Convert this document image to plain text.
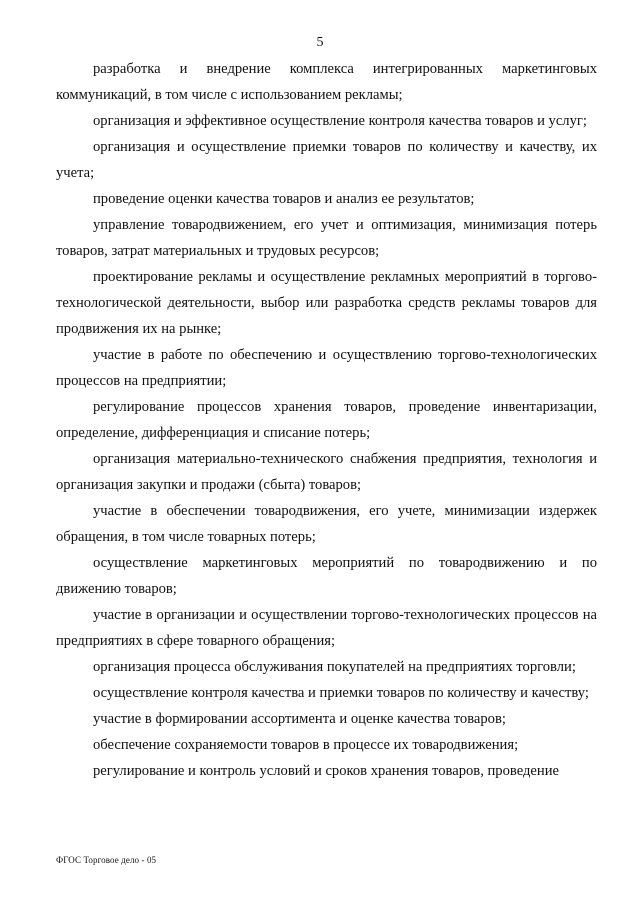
5

разработка и внедрение комплекса интегрированных маркетинговых коммуникаций, в том числе с использованием рекламы;

организация и эффективное осуществление контроля качества товаров и услуг;

организация и осуществление приемки товаров по количеству и качеству, их учета;

проведение оценки качества товаров и анализ ее результатов;

управление товародвижением, его учет и оптимизация, минимизация потерь товаров, затрат материальных и трудовых ресурсов;

проектирование рекламы и осуществление рекламных мероприятий в торгово-технологической деятельности, выбор или разработка средств рекламы товаров для продвижения их на рынке;

участие в работе по обеспечению и осуществлению торгово-технологических процессов на предприятии;

регулирование процессов хранения товаров, проведение инвентаризации, определение, дифференциация и списание потерь;

организация материально-технического снабжения предприятия, технология и организация закупки и продажи (сбыта) товаров;

участие в обеспечении товародвижения, его учете, минимизации издержек обращения, в том числе товарных потерь;

осуществление маркетинговых мероприятий по товародвижению и по движению товаров;

участие в организации и осуществлении торгово-технологических процессов на предприятиях в сфере товарного обращения;

организация процесса обслуживания покупателей на предприятиях торговли;

осуществление контроля качества и приемки товаров по количеству и качеству;

участие в формировании ассортимента и оценке качества товаров;

обеспечение сохраняемости товаров в процессе их товародвижения;

регулирование и контроль условий и сроков хранения товаров, проведение

ФГОС Торговое дело - 05
